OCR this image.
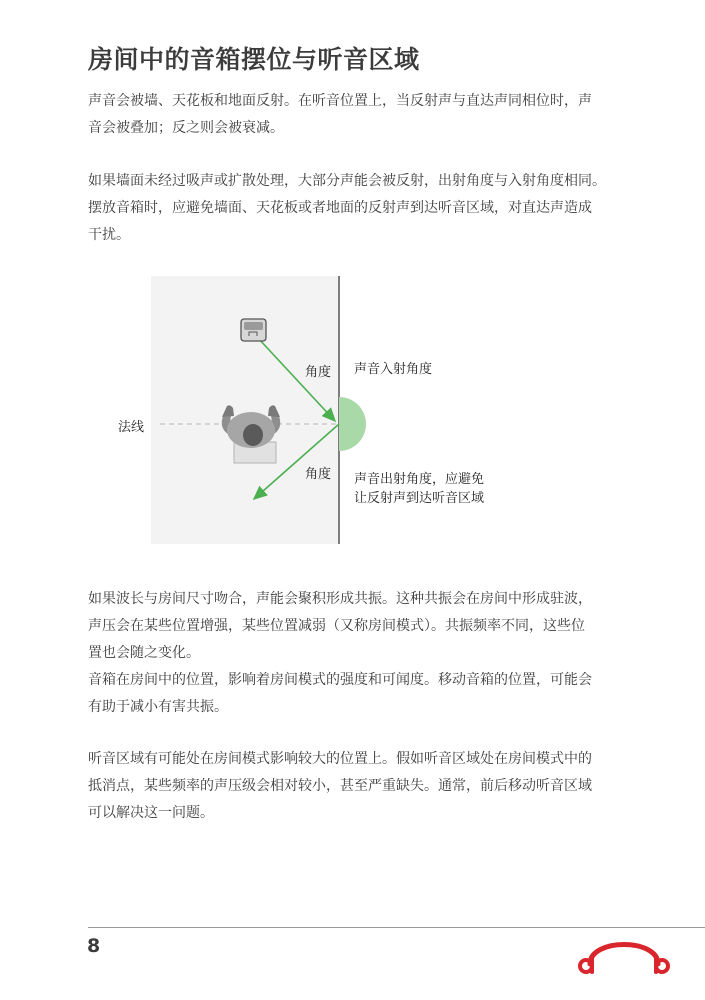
房间中的音箱摆位与听音区域
声音会被墙、天花板和地面反射。在听音位置上，当反射声与直达声同相位时，声
音会被叠加；反之则会被衰减。
如果墙面未经过吸声或扩散处理，大部分声能会被反射，出射角度与入射角度相同。
摆放音箱时，应避免墙面、天花板或者地面的反射声到达听音区域，对直达声造成
干扰。
角度 声音入射角度
法线
角度 声音出射角度，应避免
让反射声到达听音区域
如果波长与房间尺寸吻合，声能会聚积形成共振。这种共振会在房间中形成驻波，
声压会在某些位置增强，某些位置减弱（又称房间模式）。共振频率不同，这些位
置也会随之变化。
音箱在房间中的位置，影响着房间模式的强度和可闻度。移动音箱的位置，可能会
有助于减小有害共振。
听音区域有可能处在房间模式影响较大的位置上。假如听音区域处在房间模式中的
抵消点，某些频率的声压级会相对较小，甚至严重缺失。通常，前后移动听音区域
可以解决这一问题。
8
